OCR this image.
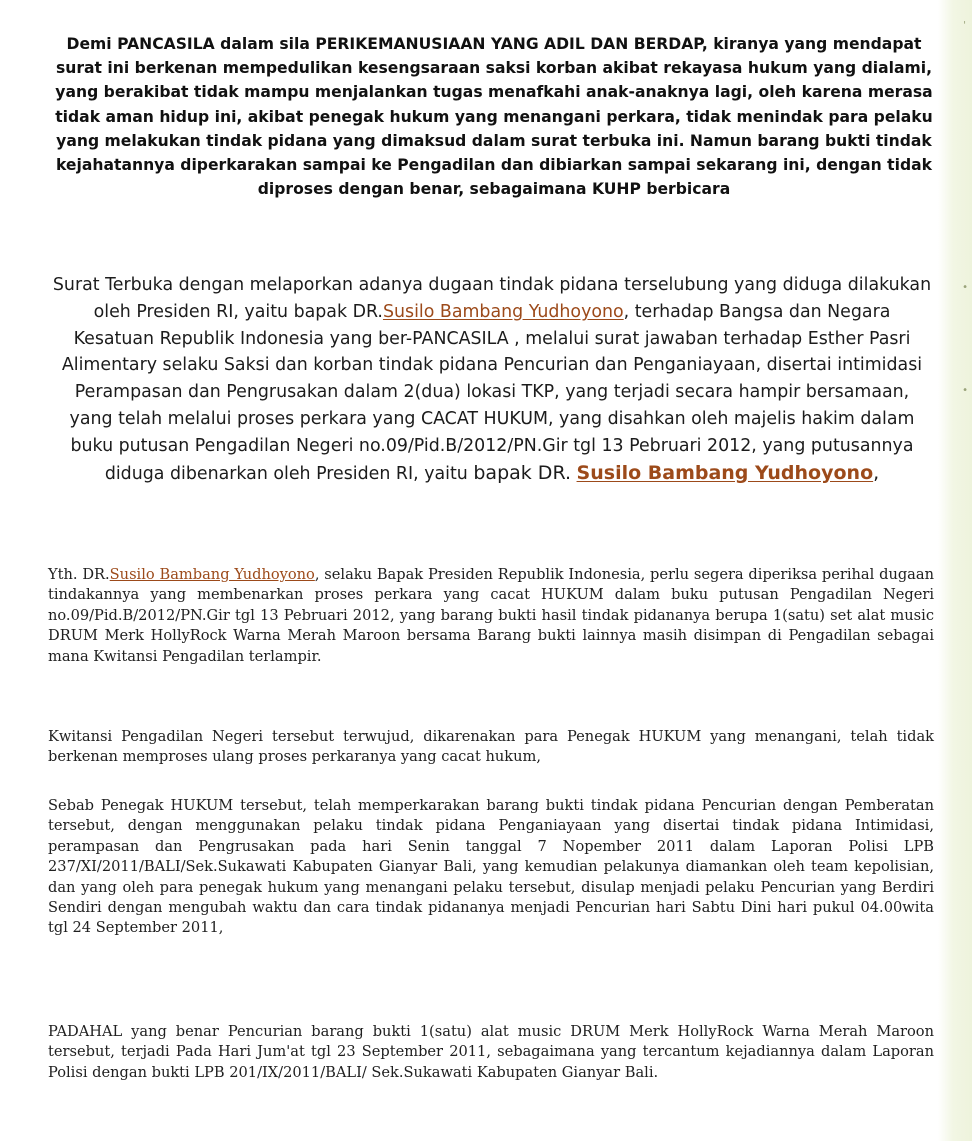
'
•
•
Demi PANCASILA dalam sila PERIKEMANUSIAAN YANG ADIL DAN BERDAP, kiranya yang mendapat surat ini berkenan mempedulikan kesengsaraan saksi korban akibat rekayasa hukum yang dialami, yang berakibat tidak mampu menjalankan tugas menafkahi anak-anaknya lagi, oleh karena merasa tidak aman hidup ini, akibat penegak hukum yang menangani perkara, tidak menindak para pelaku yang melakukan tindak pidana yang dimaksud dalam surat terbuka ini. Namun barang bukti tindak kejahatannya diperkarakan sampai ke Pengadilan dan dibiarkan sampai sekarang ini, dengan tidak diproses dengan benar, sebagaimana KUHP berbicara
Surat Terbuka dengan melaporkan adanya dugaan tindak pidana terselubung yang diduga dilakukan oleh Presiden RI, yaitu bapak DR.Susilo Bambang Yudhoyono, terhadap Bangsa dan Negara Kesatuan Republik Indonesia yang ber-PANCASILA , melalui surat jawaban terhadap Esther Pasri Alimentary selaku Saksi dan korban tindak pidana Pencurian dan Penganiayaan, disertai intimidasi Perampasan dan Pengrusakan dalam 2(dua) lokasi TKP, yang terjadi secara hampir bersamaan, yang telah melalui proses perkara yang CACAT HUKUM, yang disahkan oleh majelis hakim dalam buku putusan Pengadilan Negeri no.09/Pid.B/2012/PN.Gir tgl 13 Pebruari 2012, yang putusannya diduga dibenarkan oleh Presiden RI, yaitu bapak DR. Susilo Bambang Yudhoyono,
Yth. DR.Susilo Bambang Yudhoyono, selaku Bapak Presiden Republik Indonesia, perlu segera diperiksa perihal dugaan tindakannya yang membenarkan proses perkara yang cacat HUKUM dalam buku putusan Pengadilan Negeri no.09/Pid.B/2012/PN.Gir tgl 13 Pebruari 2012, yang barang bukti hasil tindak pidananya berupa 1(satu) set alat music DRUM Merk HollyRock Warna Merah Maroon bersama Barang bukti lainnya masih disimpan di Pengadilan sebagai mana Kwitansi Pengadilan terlampir.
Kwitansi Pengadilan Negeri tersebut terwujud, dikarenakan para Penegak HUKUM yang menangani, telah tidak berkenan memproses ulang proses perkaranya yang cacat hukum,
Sebab Penegak HUKUM tersebut, telah memperkarakan barang bukti tindak pidana Pencurian dengan Pemberatan tersebut, dengan menggunakan pelaku tindak pidana Penganiayaan yang disertai tindak pidana Intimidasi, perampasan dan Pengrusakan pada hari Senin tanggal 7 Nopember 2011 dalam Laporan Polisi LPB 237/XI/2011/BALI/Sek.Sukawati Kabupaten Gianyar Bali, yang kemudian pelakunya diamankan oleh team kepolisian, dan yang oleh para penegak hukum yang menangani pelaku tersebut, disulap menjadi pelaku Pencurian yang Berdiri Sendiri dengan mengubah waktu dan cara tindak pidananya menjadi Pencurian hari Sabtu Dini hari pukul 04.00wita tgl 24 September 2011,
PADAHAL yang benar Pencurian barang bukti 1(satu) alat music DRUM Merk HollyRock Warna Merah Maroon tersebut, terjadi Pada Hari Jum'at tgl 23 September 2011, sebagaimana yang tercantum kejadiannya dalam Laporan Polisi dengan bukti LPB 201/IX/2011/BALI/ Sek.Sukawati Kabupaten Gianyar Bali.
